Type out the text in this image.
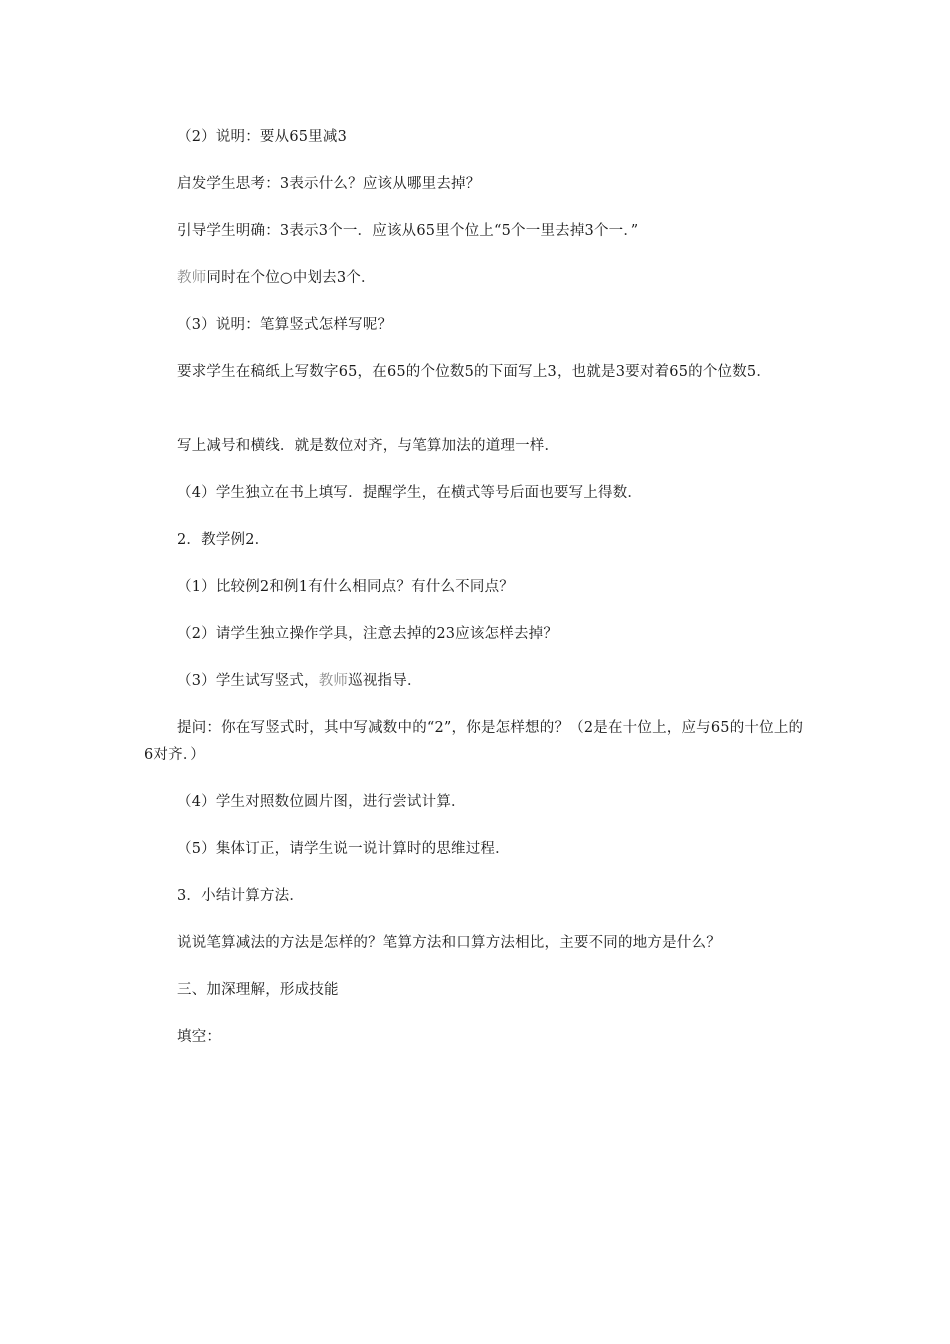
（2）说明：要从65里减3

启发学生思考：3表示什么？应该从哪里去掉？

引导学生明确：3表示3个一．应该从65里个位上“5个一里去掉3个一．”

教师同时在个位○中划去3个．

（3）说明：笔算竖式怎样写呢？

要求学生在稿纸上写数字65，在65的个位数5的下面写上3，也就是3要对着65的个位数5．

写上减号和横线．就是数位对齐，与笔算加法的道理一样．

（4）学生独立在书上填写．提醒学生，在横式等号后面也要写上得数．

2．教学例2．

（1）比较例2和例1有什么相同点？有什么不同点？

（2）请学生独立操作学具，注意去掉的23应该怎样去掉？

（3）学生试写竖式，教师巡视指导．

提问：你在写竖式时，其中写减数中的“2”，你是怎样想的？（2是在十位上，应与65的十位上的6对齐．）

（4）学生对照数位圆片图，进行尝试计算．

（5）集体订正，请学生说一说计算时的思维过程．

3．小结计算方法．

说说笔算减法的方法是怎样的？笔算方法和口算方法相比，主要不同的地方是什么？

三、加深理解，形成技能

填空：
